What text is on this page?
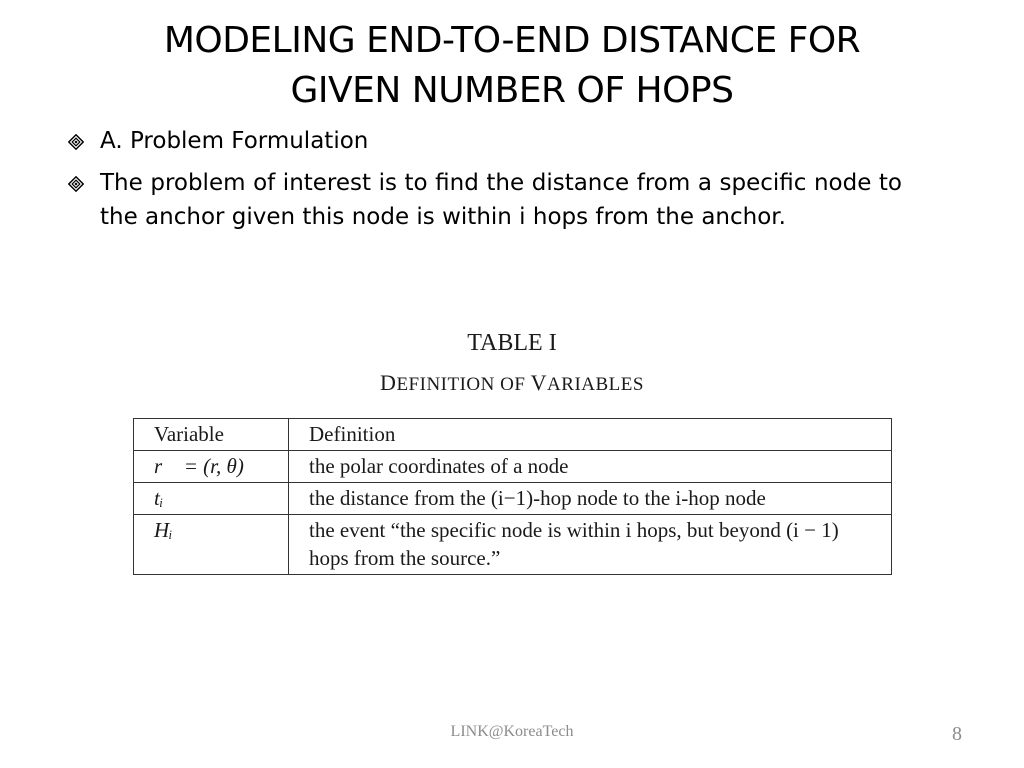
MODELING END-TO-END DISTANCE FOR
GIVEN NUMBER OF HOPS
A. Problem Formulation
The problem of interest is to find the distance from a specific node to the anchor given this node is within i hops from the anchor.
TABLE I
DEFINITION OF VARIABLES
Variable	Definition
r⃗ = (r, θ)	the polar coordinates of a node
tᵢ	the distance from the (i−1)-hop node to the i-hop node
Hᵢ	the event “the specific node is within i hops, but beyond (i − 1) hops from the source.”
LINK@KoreaTech	8
